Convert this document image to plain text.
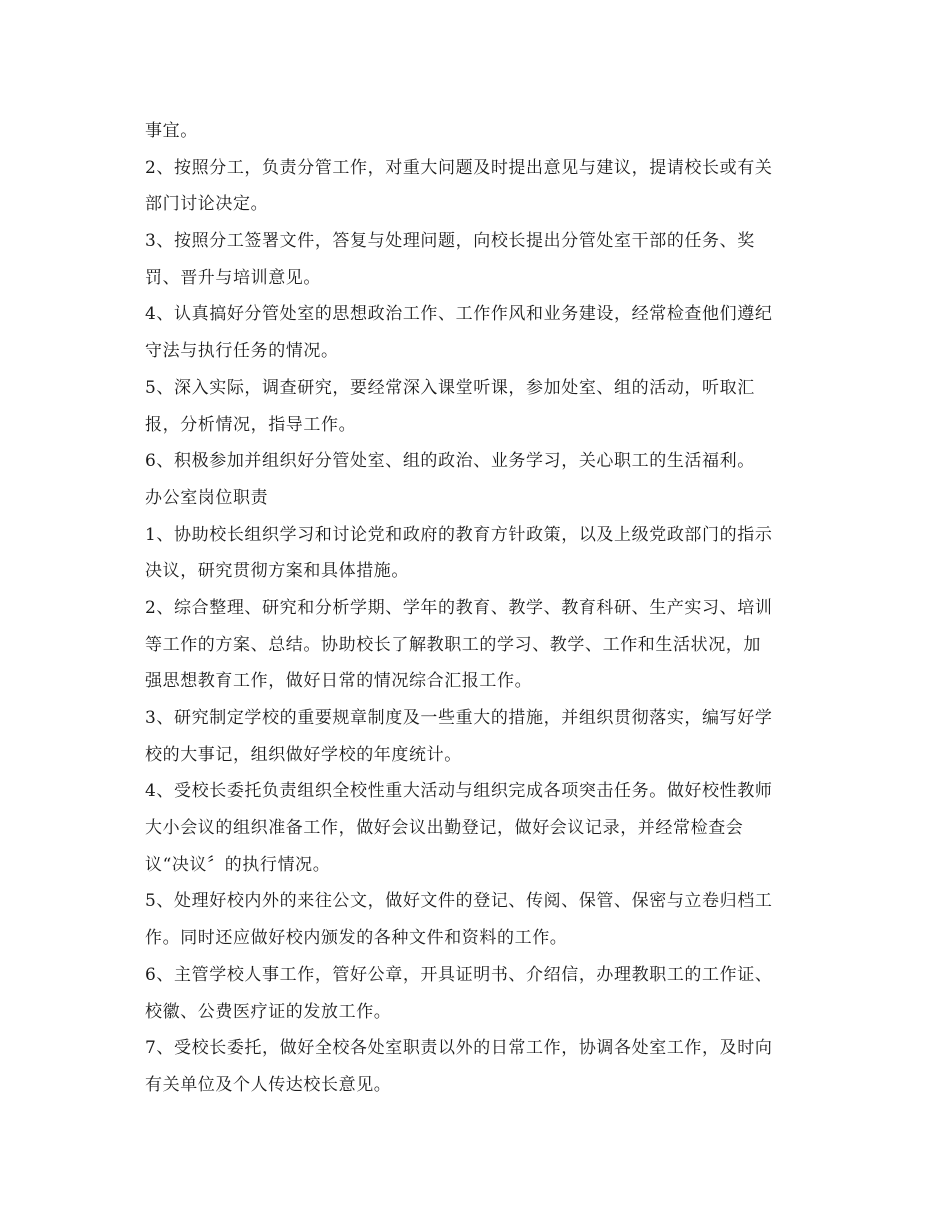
事宜。
2、按照分工，负责分管工作，对重大问题及时提出意见与建议，提请校长或有关
部门讨论决定。
3、按照分工签署文件，答复与处理问题，向校长提出分管处室干部的任务、奖
罚、晋升与培训意见。
4、认真搞好分管处室的思想政治工作、工作作风和业务建设，经常检查他们遵纪
守法与执行任务的情况。
5、深入实际，调查研究，要经常深入课堂听课，参加处室、组的活动，听取汇
报，分析情况，指导工作。
6、积极参加并组织好分管处室、组的政治、业务学习，关心职工的生活福利。
办公室岗位职责
1、协助校长组织学习和讨论党和政府的教育方针政策，以及上级党政部门的指示
决议，研究贯彻方案和具体措施。
2、综合整理、研究和分析学期、学年的教育、教学、教育科研、生产实习、培训
等工作的方案、总结。协助校长了解教职工的学习、教学、工作和生活状况，加
强思想教育工作，做好日常的情况综合汇报工作。
3、研究制定学校的重要规章制度及一些重大的措施，并组织贯彻落实，编写好学
校的大事记，组织做好学校的年度统计。
4、受校长委托负责组织全校性重大活动与组织完成各项突击任务。做好校性教师
大小会议的组织准备工作，做好会议出勤登记，做好会议记录，并经常检查会
议“决议〞的执行情况。
5、处理好校内外的来往公文，做好文件的登记、传阅、保管、保密与立卷归档工
作。同时还应做好校内颁发的各种文件和资料的工作。
6、主管学校人事工作，管好公章，开具证明书、介绍信，办理教职工的工作证、
校徽、公费医疗证的发放工作。
7、受校长委托，做好全校各处室职责以外的日常工作，协调各处室工作，及时向
有关单位及个人传达校长意见。
